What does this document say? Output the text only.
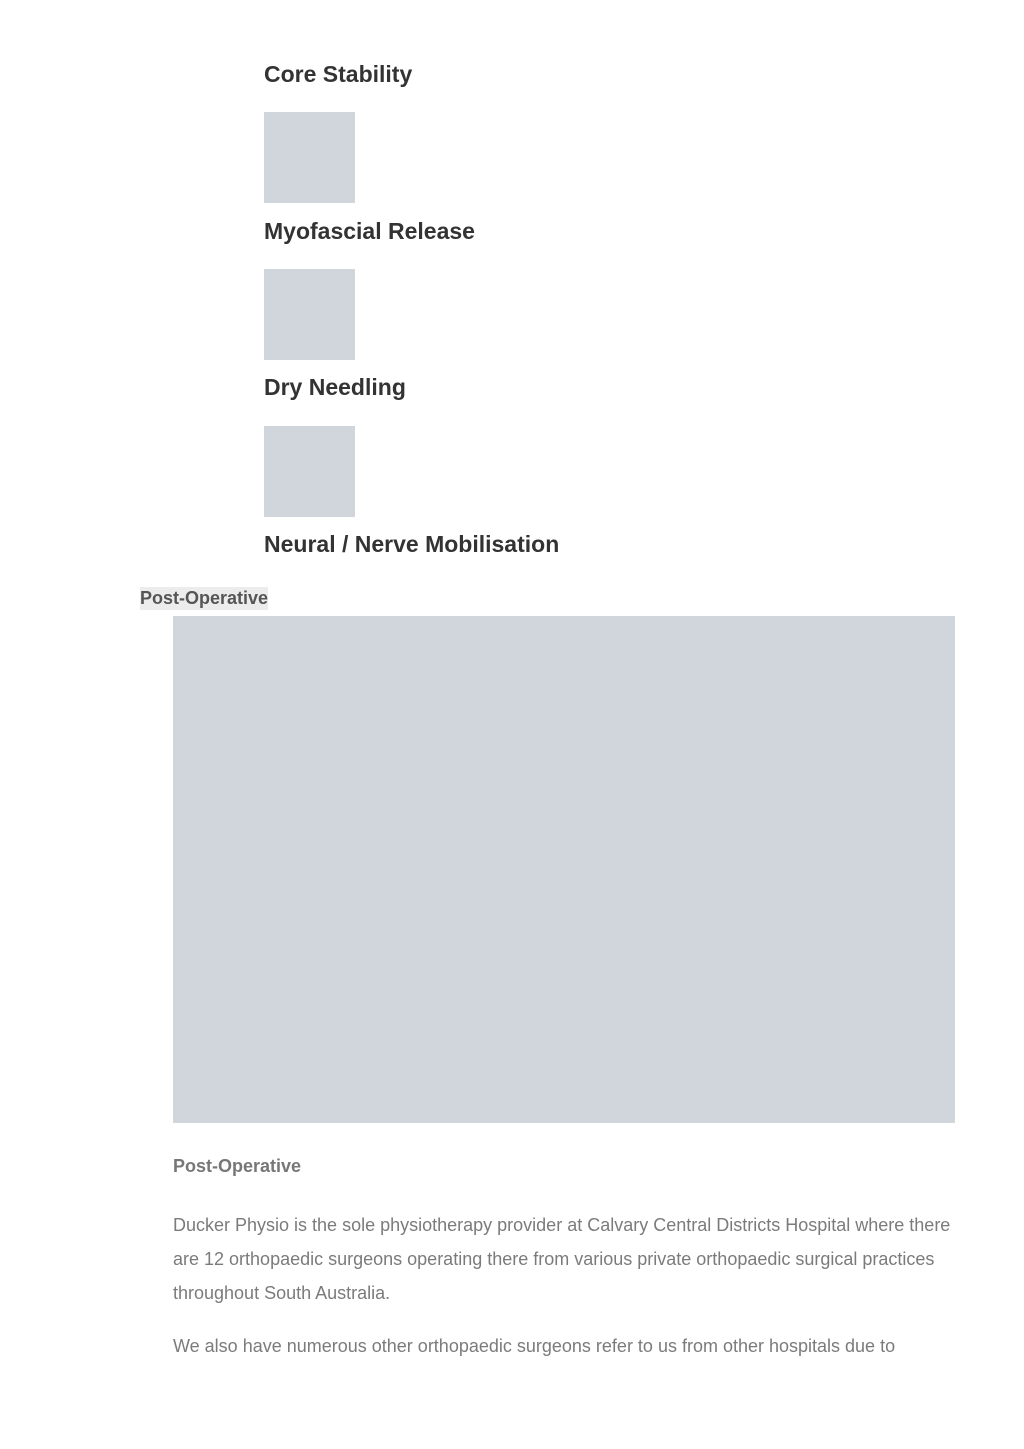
Core Stability
Myofascial Release
Dry Needling
Neural / Nerve Mobilisation
Post-Operative
Post-Operative

Ducker Physio is the sole physiotherapy provider at Calvary Central Districts Hospital where there are 12 orthopaedic surgeons operating there from various private orthopaedic surgical practices throughout South Australia.

We also have numerous other orthopaedic surgeons refer to us from other hospitals due to
